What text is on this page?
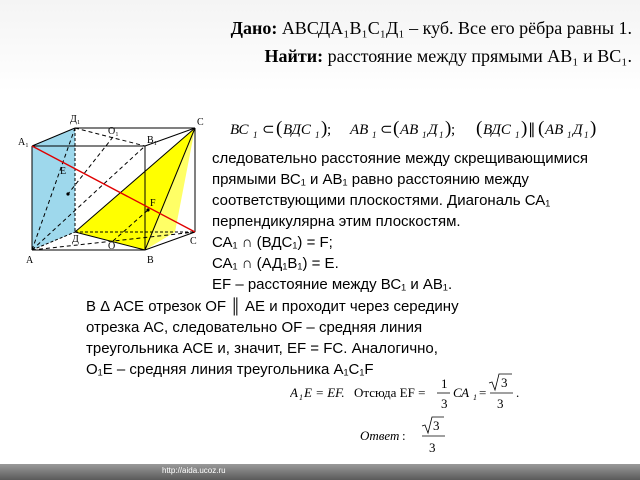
Дано: АВСДА₁В₁С₁Д₁ – куб. Все его рёбра равны 1.
Найти: расстояние между прямыми АВ₁ и ВС₁.
Д₁	С
О₁
В₁
А₁
Е
F
Д	С
О
А	В
ВС 1 ⊂ ( ВДС 1 ) ; АВ 1 ⊂ ( АВ 1 Д 1 ) ; ( ВДС 1 ) ∥ ( АВ 1 Д 1 )
следовательно расстояние между скрещивающимися
прямыми ВС₁ и АВ₁ равно расстоянию между
соответствующими плоскостями. Диагональ СА₁
перпендикулярна этим плоскостям.
СА₁ ∩ (ВДС₁) = F;
СА₁ ∩ (АД₁В₁) = Е.
EF – расстояние между ВС₁ и АВ₁.
В Δ АСЕ отрезок OF ║ АЕ и проходит через середину
отрезка АС, следовательно OF – средняя линия
треугольника АСЕ и, значит, EF = FC. Аналогично,
О₁Е – средняя линия треугольника А₁С₁F
А 1 Е = EF. Отсюда EF =
1
3
СА 1 =
3
3
.
Ответ :
3
3
http://aida.ucoz.ru
